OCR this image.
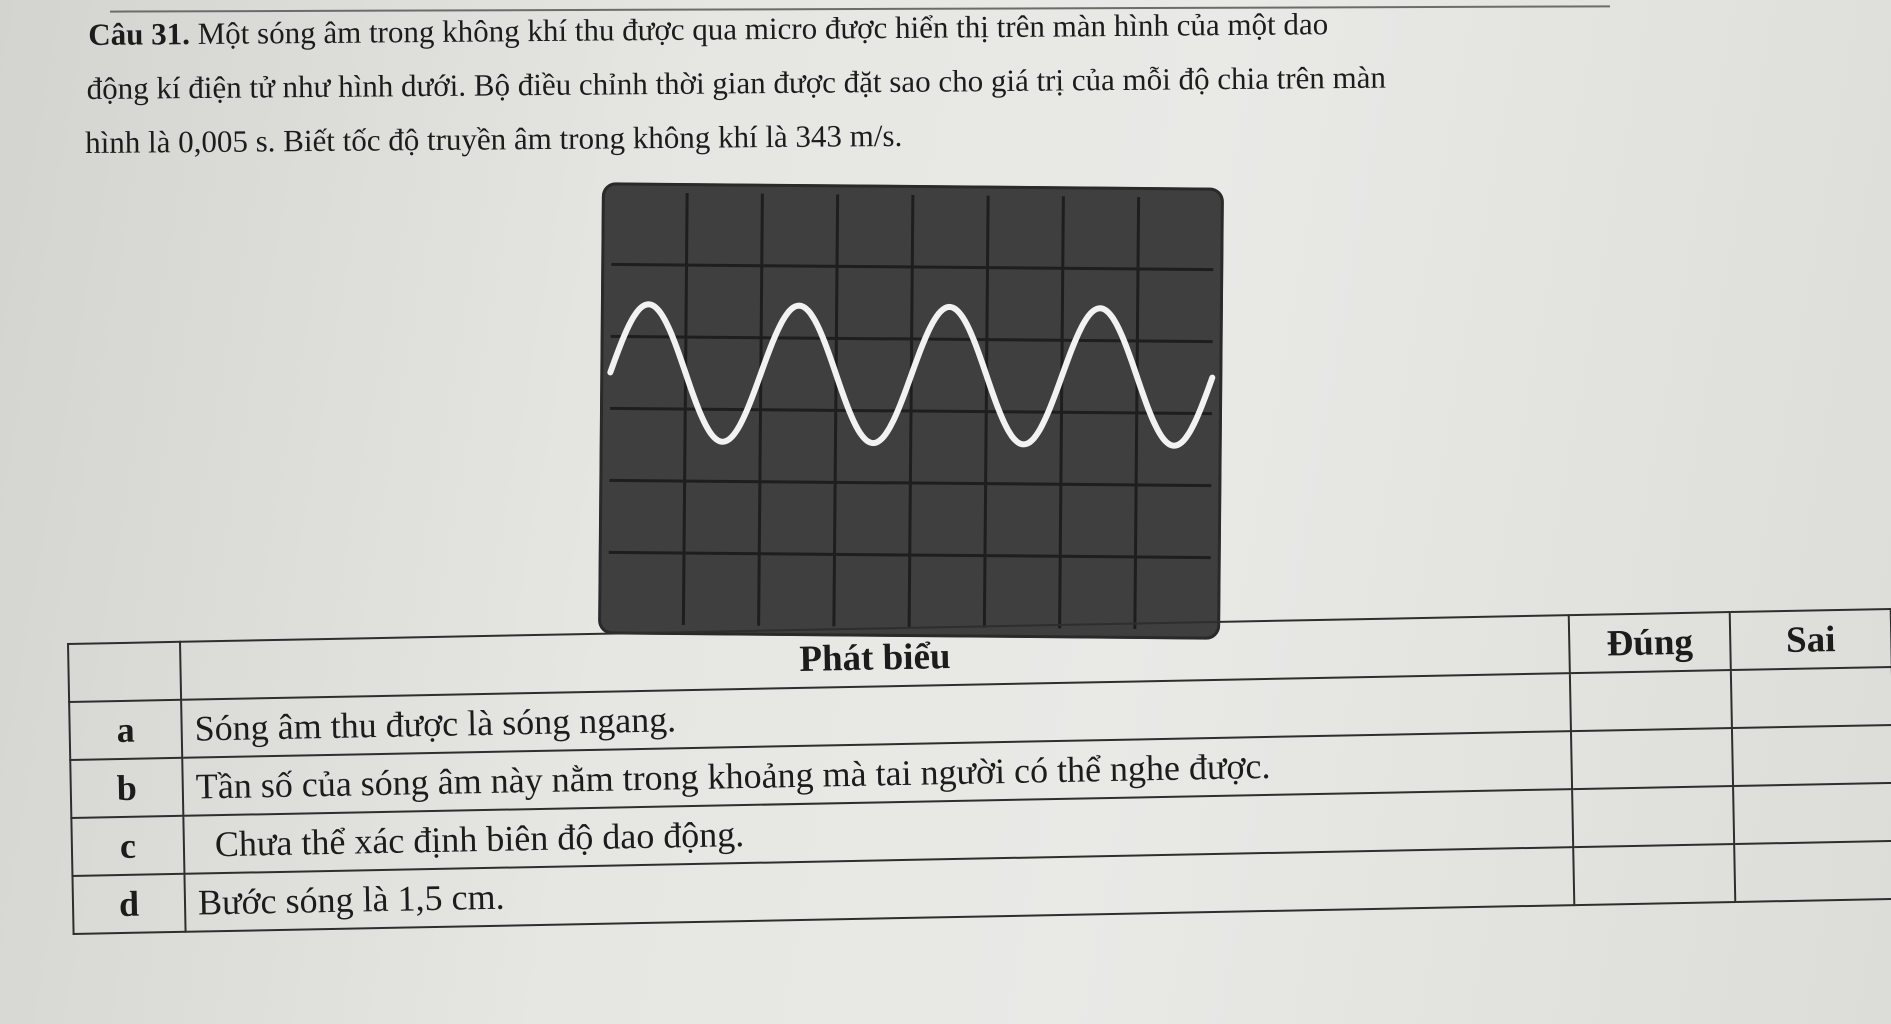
Câu 31. Một sóng âm trong không khí thu được qua micro được hiển thị trên màn hình của một dao
động kí điện tử như hình dưới. Bộ điều chỉnh thời gian được đặt sao cho giá trị của mỗi độ chia trên màn
hình là 0,005 s. Biết tốc độ truyền âm trong không khí là 343 m/s.

	Phát biểu	Đúng	Sai
a	Sóng âm thu được là sóng ngang.		
b	Tần số của sóng âm này nằm trong khoảng mà tai người có thể nghe được.		
c	Chưa thể xác định biên độ dao động.		
d	Bước sóng là 1,5 cm.		
